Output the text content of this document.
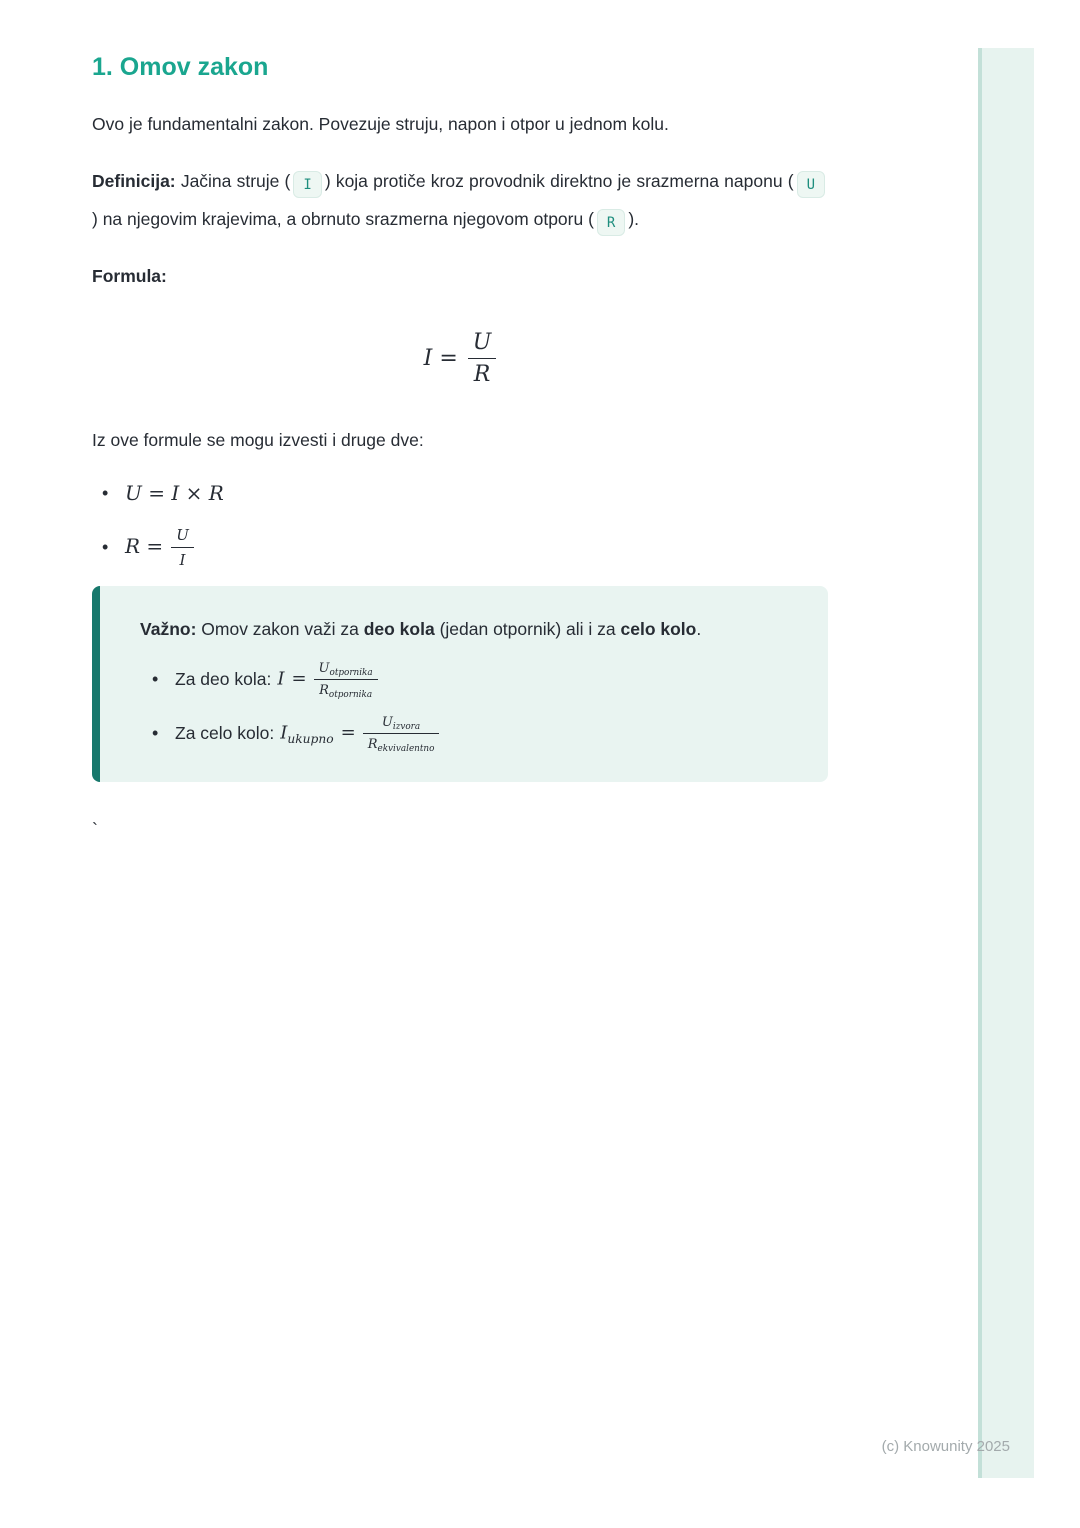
1. Omov zakon

Ovo je fundamentalni zakon. Povezuje struju, napon i otpor u jednom kolu.

Definicija: Jačina struje ( I ) koja protiče kroz provodnik direktno je srazmerna naponu ( U) na njegovim krajevima, a obrnuto srazmerna njegovom otporu ( R ).

Formula:

$I = \frac{U}{R}$

Iz ove formule se mogu izvesti i druge dve:

• U = I × R
• $R = \frac{U}{I}$

Važno: Omov zakon važi za deo kola (jedan otpornik) ali i za celo kolo.

• Za deo kola: $I = \frac{U_{otpornika}}{R_{otpornika}}$
• Za celo kolo: $I_{ukupno} = \frac{U_{izvora}}{R_{ekvivalentno}}$
`
(c) Knowunity 2025
